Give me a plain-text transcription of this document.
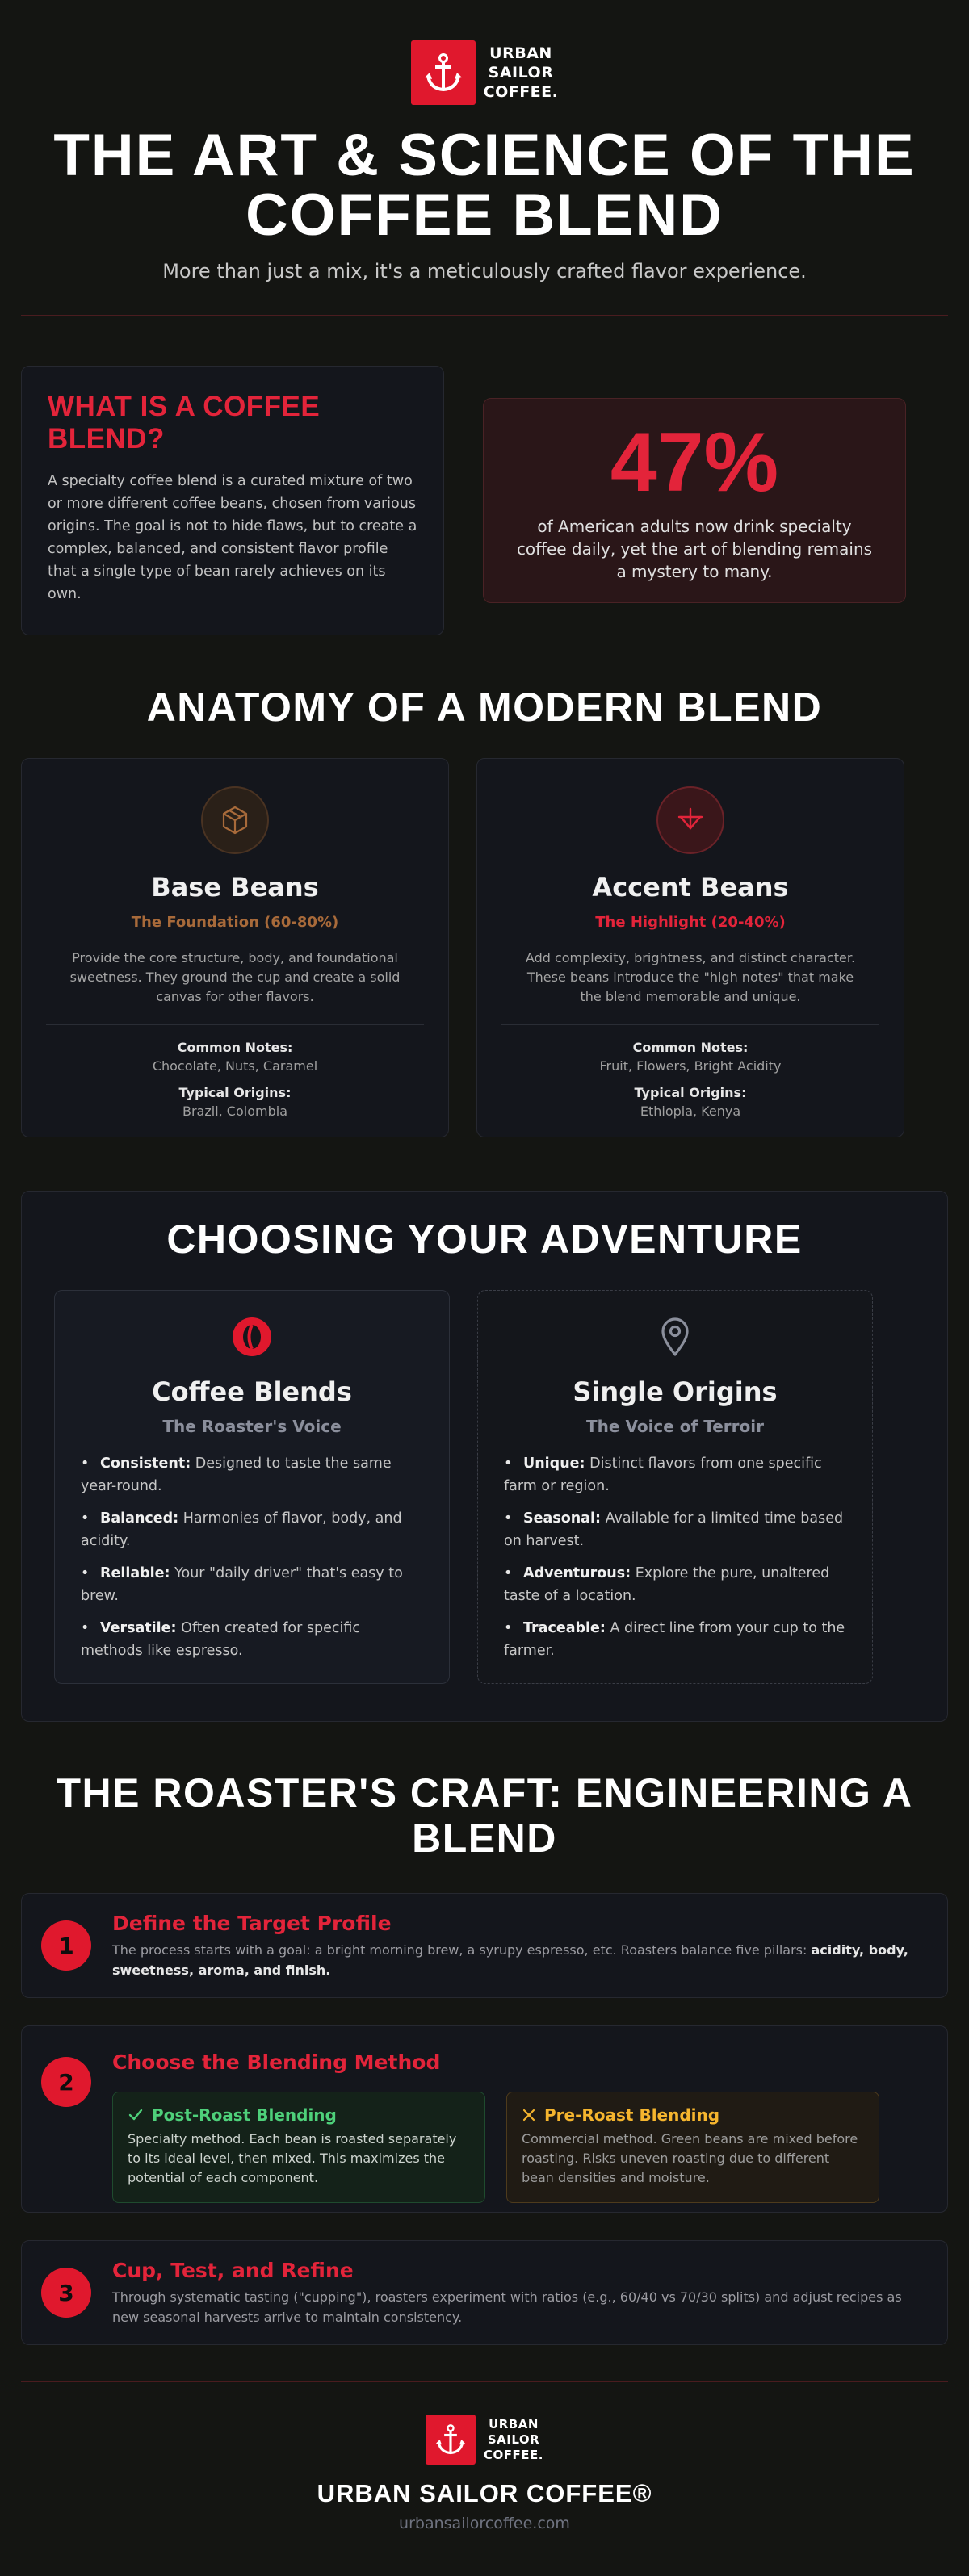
URBAN
SAILOR
COFFEE.
THE ART & SCIENCE OF THE
COFFEE BLEND

More than just a mix, it's a meticulously crafted flavor experience.

WHAT IS A COFFEE
BLEND?

A specialty coffee blend is a curated mixture of two or more different coffee beans, chosen from various origins. The goal is not to hide flaws, but to create a complex, balanced, and consistent flavor profile that a single type of bean rarely achieves on its own.

47%

of American adults now drink specialty coffee daily, yet the art of blending remains a mystery to many.

ANATOMY OF A MODERN BLEND
Base Beans
The Foundation (60-80%)

Provide the core structure, body, and foundational sweetness. They ground the cup and create a solid canvas for other flavors.

Common Notes:
Chocolate, Nuts, Caramel
Typical Origins:
Brazil, Colombia
Accent Beans
The Highlight (20-40%)

Add complexity, brightness, and distinct character. These beans introduce the "high notes" that make the blend memorable and unique.

Common Notes:
Fruit, Flowers, Bright Acidity
Typical Origins:
Ethiopia, Kenya
CHOOSING YOUR ADVENTURE
Coffee Blends
The Roaster's Voice
• Consistent: Designed to taste the same year-round.
• Balanced: Harmonies of flavor, body, and acidity.
• Reliable: Your "daily driver" that's easy to brew.
• Versatile: Often created for specific methods like espresso.
Single Origins
The Voice of Terroir
• Unique: Distinct flavors from one specific farm or region.
• Seasonal: Available for a limited time based on harvest.
• Adventurous: Explore the pure, unaltered taste of a location.
• Traceable: A direct line from your cup to the farmer.
THE ROASTER'S CRAFT: ENGINEERING A
BLEND
1
Define the Target Profile

The process starts with a goal: a bright morning brew, a syrupy espresso, etc. Roasters balance five pillars: acidity, body, sweetness, aroma, and finish.

2
Choose the Blending Method
Post-Roast Blending

Specialty method. Each bean is roasted separately to its ideal level, then mixed. This maximizes the potential of each component.

Pre-Roast Blending

Commercial method. Green beans are mixed before roasting. Risks uneven roasting due to different bean densities and moisture.

3
Cup, Test, and Refine

Through systematic tasting ("cupping"), roasters experiment with ratios (e.g., 60/40 vs 70/30 splits) and adjust recipes as new seasonal harvests arrive to maintain consistency.

URBAN
SAILOR
COFFEE.
URBAN SAILOR COFFEE®
urbansailorcoffee.com
